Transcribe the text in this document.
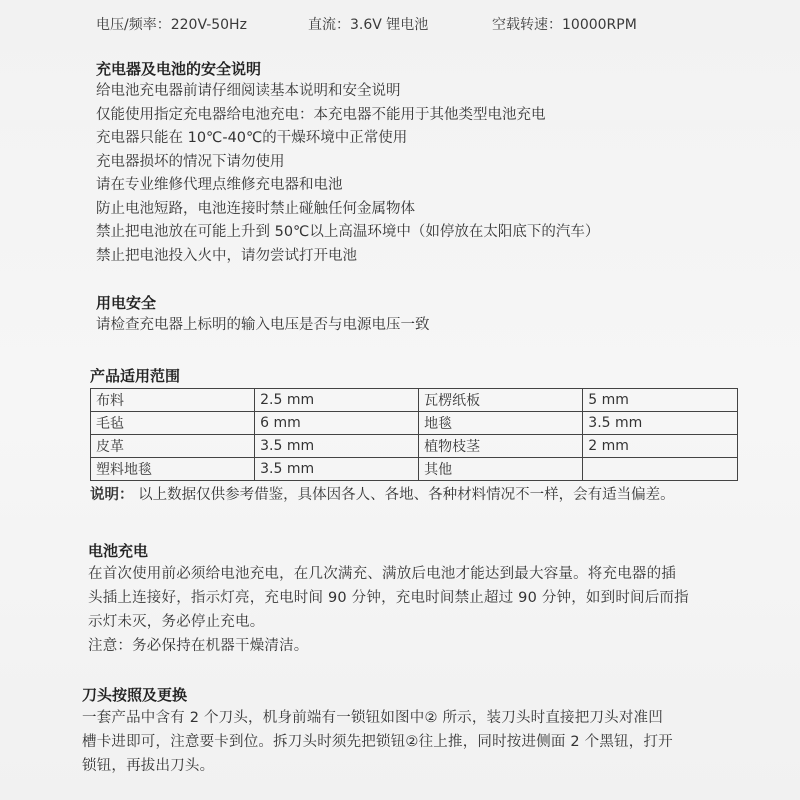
电压/频率：220V-50Hz	直流：3.6V 锂电池	空载转速：10000RPM
充电器及电池的安全说明
给电池充电器前请仔细阅读基本说明和安全说明
仅能使用指定充电器给电池充电：本充电器不能用于其他类型电池充电
充电器只能在 10℃-40℃的干燥环境中正常使用
充电器损坏的情况下请勿使用
请在专业维修代理点维修充电器和电池
防止电池短路，电池连接时禁止碰触任何金属物体
禁止把电池放在可能上升到 50℃以上高温环境中（如停放在太阳底下的汽车）
禁止把电池投入火中，请勿尝试打开电池
用电安全
请检查充电器上标明的输入电压是否与电源电压一致
产品适用范围
布料	2.5 mm	瓦楞纸板	5 mm
毛毡	6 mm	地毯	3.5 mm
皮革	3.5 mm	植物枝茎	2 mm
塑料地毯	3.5 mm	其他	
说明： 以上数据仅供参考借鉴，具体因各人、各地、各种材料情况不一样，会有适当偏差。
电池充电
在首次使用前必须给电池充电，在几次满充、满放后电池才能达到最大容量。将充电器的插
头插上连接好，指示灯亮，充电时间 90 分钟，充电时间禁止超过 90 分钟，如到时间后而指
示灯未灭，务必停止充电。
注意：务必保持在机器干燥清洁。
刀头按照及更换
一套产品中含有 2 个刀头，机身前端有一锁钮如图中② 所示，装刀头时直接把刀头对准凹
槽卡进即可，注意要卡到位。拆刀头时须先把锁钮②往上推，同时按进侧面 2 个黑钮，打开
锁钮，再拔出刀头。
